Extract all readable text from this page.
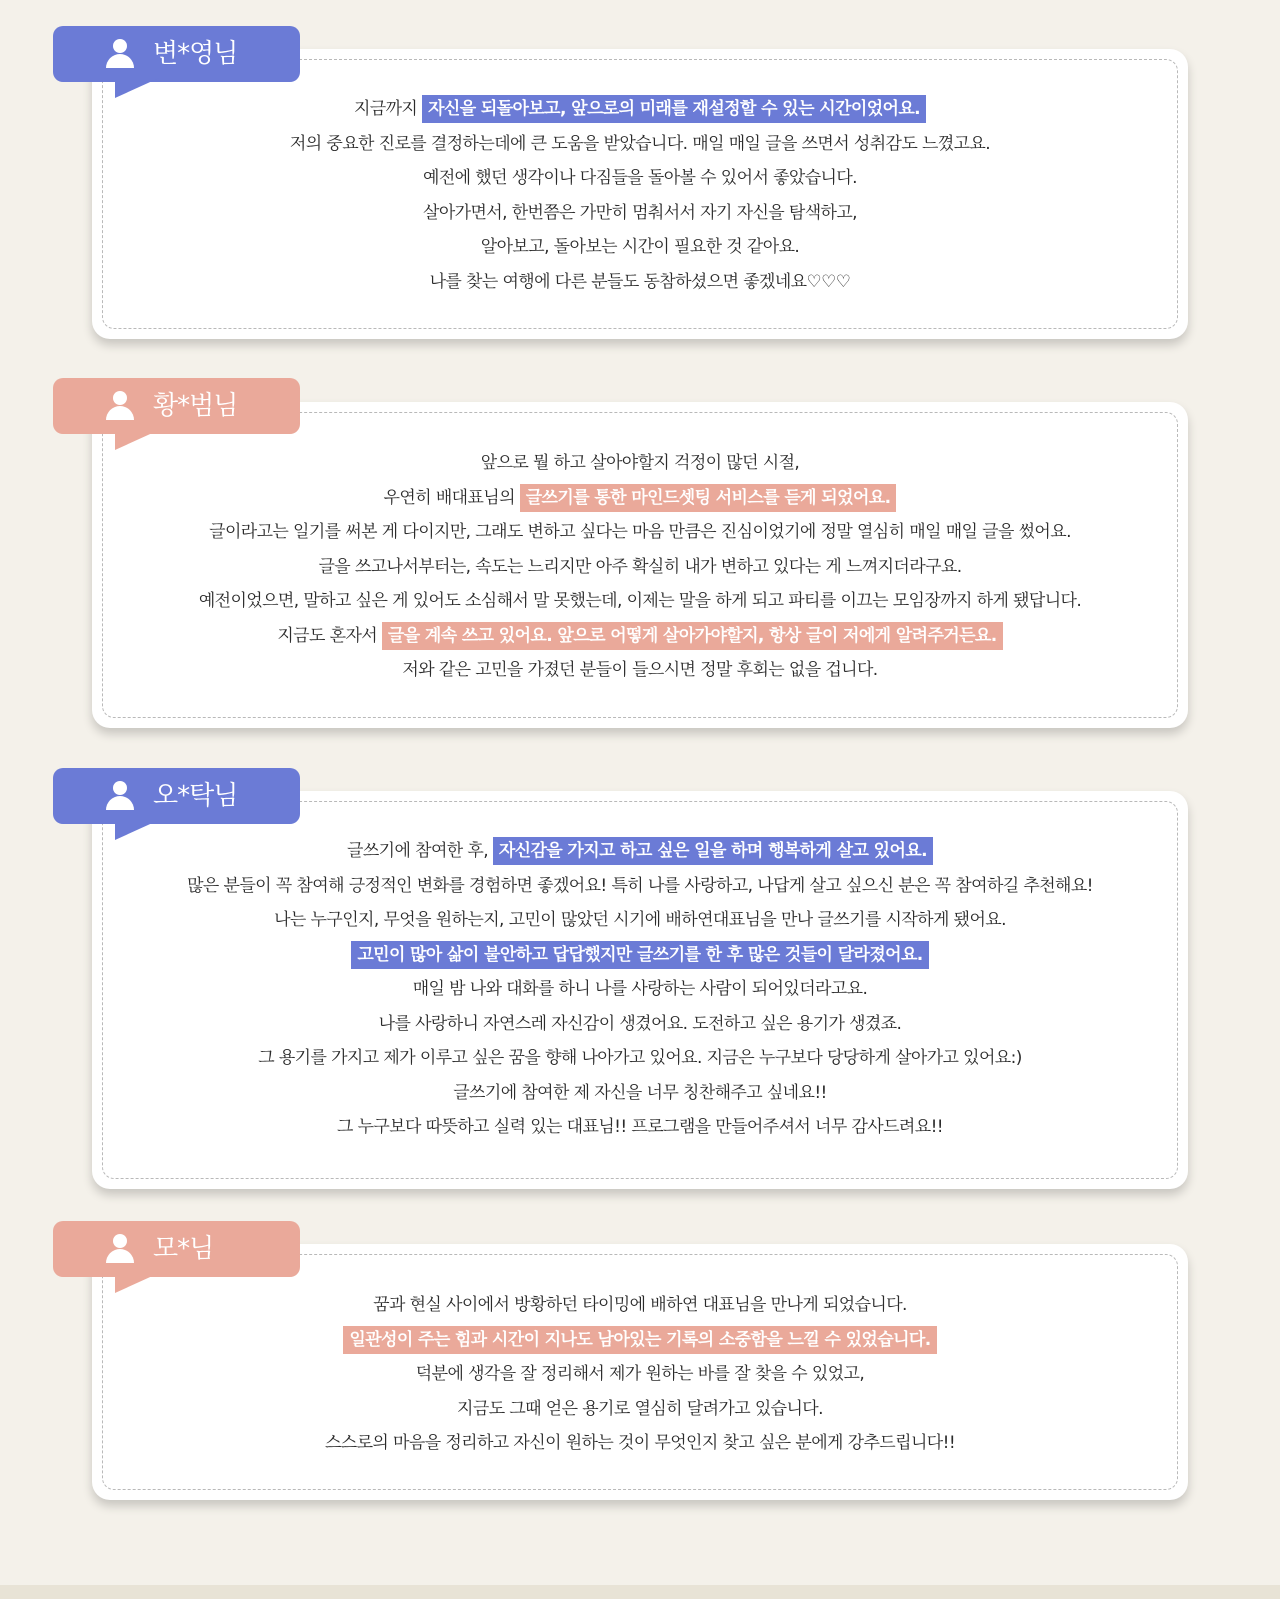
지금까지 자신을 되돌아보고, 앞으로의 미래를 재설정할 수 있는 시간이었어요.
저의 중요한 진로를 결정하는데에 큰 도움을 받았습니다. 매일 매일 글을 쓰면서 성취감도 느꼈고요.
예전에 했던 생각이나 다짐들을 돌아볼 수 있어서 좋았습니다.
살아가면서, 한번쯤은 가만히 멈춰서서 자기 자신을 탐색하고,
알아보고, 돌아보는 시간이 필요한 것 같아요.
나를 찾는 여행에 다른 분들도 동참하셨으면 좋겠네요♡♡♡
변*영님
앞으로 뭘 하고 살아야할지 걱정이 많던 시절,
우연히 배대표님의 글쓰기를 통한 마인드셋팅 서비스를 듣게 되었어요.
글이라고는 일기를 써본 게 다이지만, 그래도 변하고 싶다는 마음 만큼은 진심이었기에 정말 열심히 매일 매일 글을 썼어요.
글을 쓰고나서부터는, 속도는 느리지만 아주 확실히 내가 변하고 있다는 게 느껴지더라구요.
예전이었으면, 말하고 싶은 게 있어도 소심해서 말 못했는데, 이제는 말을 하게 되고 파티를 이끄는 모임장까지 하게 됐답니다.
지금도 혼자서 글을 계속 쓰고 있어요. 앞으로 어떻게 살아가야할지, 항상 글이 저에게 알려주거든요.
저와 같은 고민을 가졌던 분들이 들으시면 정말 후회는 없을 겁니다.
황*범님
글쓰기에 참여한 후, 자신감을 가지고 하고 싶은 일을 하며 행복하게 살고 있어요.
많은 분들이 꼭 참여해 긍정적인 변화를 경험하면 좋겠어요! 특히 나를 사랑하고, 나답게 살고 싶으신 분은 꼭 참여하길 추천해요!
나는 누구인지, 무엇을 원하는지, 고민이 많았던 시기에 배하연대표님을 만나 글쓰기를 시작하게 됐어요.
고민이 많아 삶이 불안하고 답답했지만 글쓰기를 한 후 많은 것들이 달라졌어요.
매일 밤 나와 대화를 하니 나를 사랑하는 사람이 되어있더라고요.
나를 사랑하니 자연스레 자신감이 생겼어요. 도전하고 싶은 용기가 생겼죠.
그 용기를 가지고 제가 이루고 싶은 꿈을 향해 나아가고 있어요. 지금은 누구보다 당당하게 살아가고 있어요:)
글쓰기에 참여한 제 자신을 너무 칭찬해주고 싶네요!!
그 누구보다 따뜻하고 실력 있는 대표님!! 프로그램을 만들어주셔서 너무 감사드려요!!
오*탁님
꿈과 현실 사이에서 방황하던 타이밍에 배하연 대표님을 만나게 되었습니다.
일관성이 주는 힘과 시간이 지나도 남아있는 기록의 소중함을 느낄 수 있었습니다.
덕분에 생각을 잘 정리해서 제가 원하는 바를 잘 찾을 수 있었고,
지금도 그때 얻은 용기로 열심히 달려가고 있습니다.
스스로의 마음을 정리하고 자신이 원하는 것이 무엇인지 찾고 싶은 분에게 강추드립니다!!
모*님
